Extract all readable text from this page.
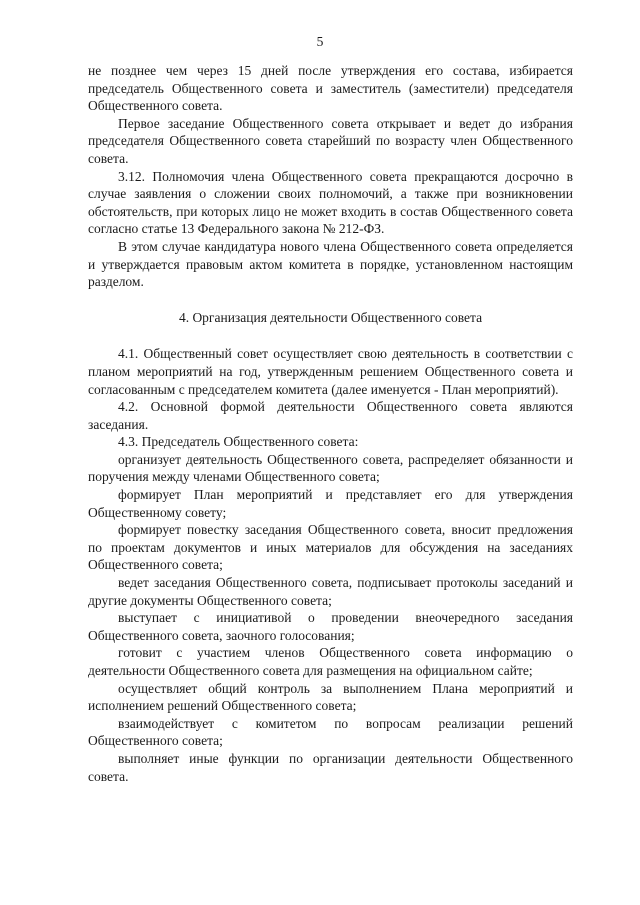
5

не позднее чем через 15 дней после утверждения его состава, избирается председатель Общественного совета и заместитель (заместители) председателя Общественного совета.

Первое заседание Общественного совета открывает и ведет до избрания председателя Общественного совета старейший по возрасту член Общественного совета.

3.12. Полномочия члена Общественного совета прекращаются досрочно в случае заявления о сложении своих полномочий, а также при возникновении обстоятельств, при которых лицо не может входить в состав Общественного совета согласно статье 13 Федерального закона № 212-ФЗ.

В этом случае кандидатура нового члена Общественного совета определяется и утверждается правовым актом комитета в порядке, установленном настоящим разделом.

4. Организация деятельности Общественного совета

4.1. Общественный совет осуществляет свою деятельность в соответствии с планом мероприятий на год, утвержденным решением Общественного совета и согласованным с председателем комитета (далее именуется - План мероприятий).

4.2. Основной формой деятельности Общественного совета являются заседания.

4.3. Председатель Общественного совета:

организует деятельность Общественного совета, распределяет обязанности и поручения между членами Общественного совета;

формирует План мероприятий и представляет его для утверждения Общественному совету;

формирует повестку заседания Общественного совета, вносит предложения по проектам документов и иных материалов для обсуждения на заседаниях Общественного совета;

ведет заседания Общественного совета, подписывает протоколы заседаний и другие документы Общественного совета;

выступает с инициативой о проведении внеочередного заседания Общественного совета, заочного голосования;

готовит с участием членов Общественного совета информацию о деятельности Общественного совета для размещения на официальном сайте;

осуществляет общий контроль за выполнением Плана мероприятий и исполнением решений Общественного совета;

взаимодействует с комитетом по вопросам реализации решений Общественного совета;

выполняет иные функции по организации деятельности Общественного совета.
